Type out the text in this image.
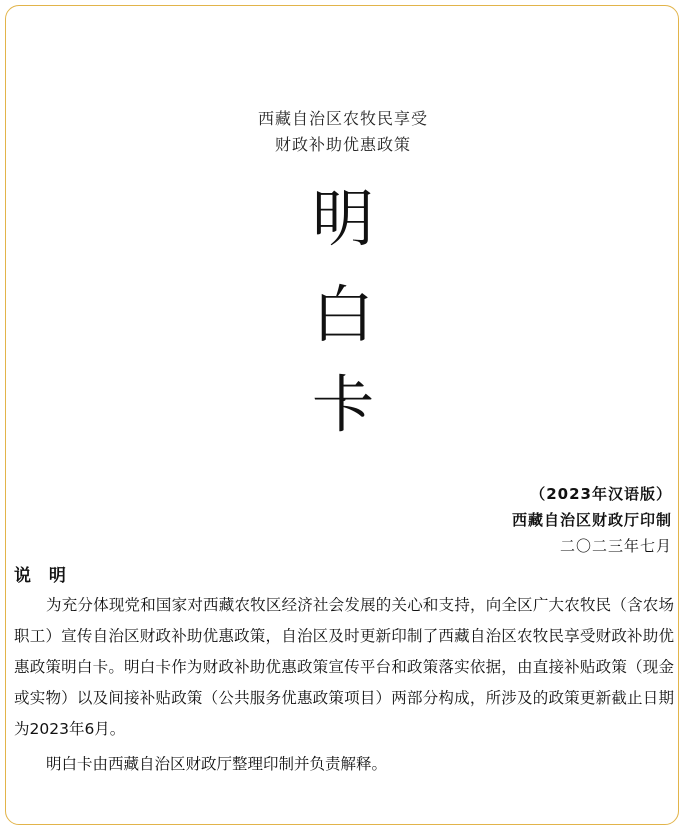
西藏自治区农牧民享受
财政补助优惠政策
明
白
卡
（2023年汉语版）
西藏自治区财政厅印制
二〇二三年七月
说 明
为充分体现党和国家对西藏农牧区经济社会发展的关心和支持，向全区广大农牧民（含农场职工）宣传自治区财政补助优惠政策，自治区及时更新印制了西藏自治区农牧民享受财政补助优惠政策明白卡。明白卡作为财政补助优惠政策宣传平台和政策落实依据，由直接补贴政策（现金或实物）以及间接补贴政策（公共服务优惠政策项目）两部分构成，所涉及的政策更新截止日期为2023年6月。
明白卡由西藏自治区财政厅整理印制并负责解释。
